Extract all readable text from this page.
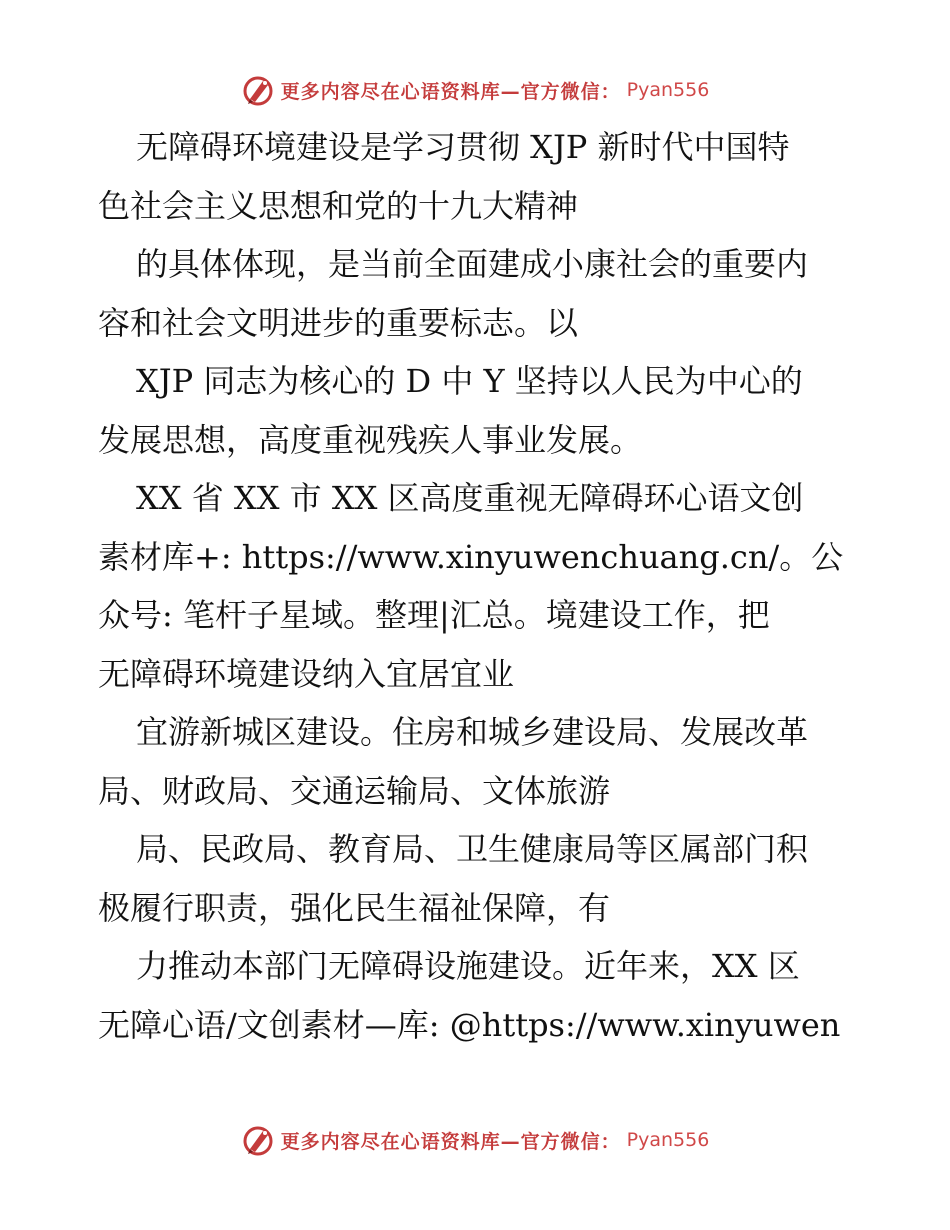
更多内容尽在心语资料库—官方微信： Pyan556
无障碍环境建设是学习贯彻 XJP 新时代中国特
色社会主义思想和党的十九大精神
的具体体现，是当前全面建成小康社会的重要内
容和社会文明进步的重要标志。以
XJP 同志为核心的 D 中 Y 坚持以人民为中心的
发展思想，高度重视残疾人事业发展。
XX 省 XX 市 XX 区高度重视无障碍环心语文创
素材库+: https://www.xinyuwenchuang.cn/。公
众号: 笔杆子星域。整理|汇总。境建设工作，把
无障碍环境建设纳入宜居宜业
宜游新城区建设。住房和城乡建设局、发展改革
局、财政局、交通运输局、文体旅游
局、民政局、教育局、卫生健康局等区属部门积
极履行职责，强化民生福祉保障，有
力推动本部门无障碍设施建设。近年来，XX 区
无障心语/文创素材—库: @https://www.xinyuwen
更多内容尽在心语资料库—官方微信： Pyan556
